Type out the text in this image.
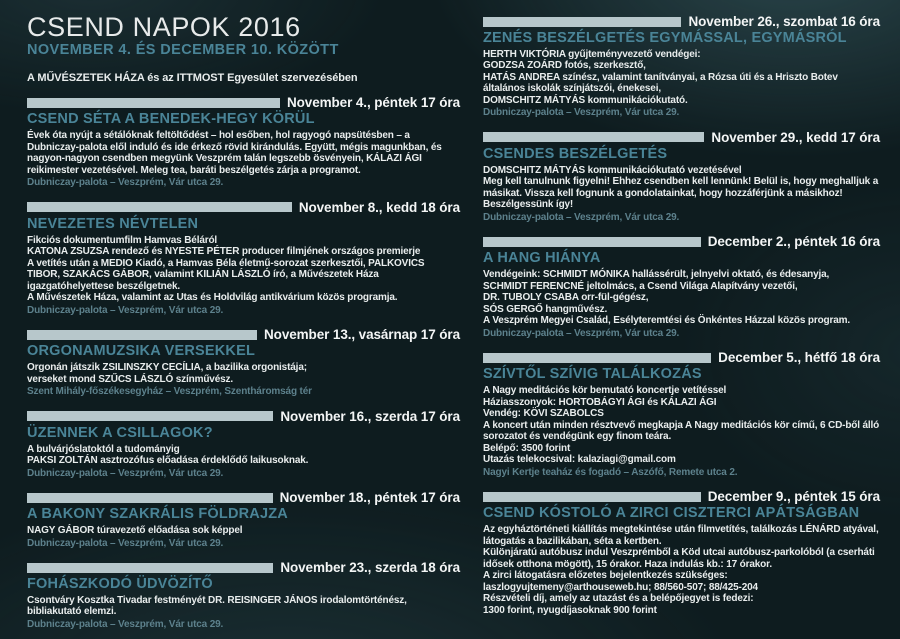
CSEND NAPOK 2016
NOVEMBER 4. ÉS DECEMBER 10. KÖZÖTT
A MŰVÉSZETEK HÁZA és az ITTMOST Egyesület szervezésében
November 4., péntek 17 óra
CSEND SÉTA A BENEDEK-HEGY KÖRÜL
Évek óta nyújt a sétálóknak feltöltődést – hol esőben, hol ragyogó napsütésben – a Dubniczay-palota elől induló és ide érkező rövid kirándulás. Együtt, mégis magunkban, és nagyon-nagyon csendben megyünk Veszprém talán legszebb ösvényein, KÁLAZI ÁGI reikimester vezetésével. Meleg tea, baráti beszélgetés zárja a programot.
Dubniczay-palota – Veszprém, Vár utca 29.
November 8., kedd 18 óra
NEVEZETES NÉVTELEN
Fikciós dokumentumfilm Hamvas Béláról
KATONA ZSUZSA rendező és NYESTE PÉTER producer filmjének országos premierje
A vetítés után a MEDIO Kiadó, a Hamvas Béla életmű-sorozat szerkesztői, PALKOVICS TIBOR, SZAKÁCS GÁBOR, valamint KILIÁN LÁSZLÓ író, a Művészetek Háza igazgatóhelyettese beszélgetnek.
A Művészetek Háza, valamint az Utas és Holdvilág antikvárium közös programja.
Dubniczay-palota – Veszprém, Vár utca 29.
November 13., vasárnap 17 óra
ORGONAMUZSIKA VERSEKKEL
Orgonán játszik ZSILINSZKY CECÍLIA, a bazilika orgonistája;
verseket mond SZŰCS LÁSZLÓ színművész.
Szent Mihály-főszékesegyház – Veszprém, Szentháromság tér
November 16., szerda 17 óra
ÜZENNEK A CSILLAGOK?
A bulvárjóslatoktól a tudományig
PAKSI ZOLTÁN asztrozófus előadása érdeklődő laikusoknak.
Dubniczay-palota – Veszprém, Vár utca 29.
November 18., péntek 17 óra
A BAKONY SZAKRÁLIS FÖLDRAJZA
NAGY GÁBOR túravezető előadása sok képpel
Dubniczay-palota – Veszprém, Vár utca 29.
November 23., szerda 18 óra
FOHÁSZKODÓ ÜDVÖZÍTŐ
Csontváry Kosztka Tivadar festményét DR. REISINGER JÁNOS irodalomtörténész, bibliakutató elemzi.
Dubniczay-palota – Veszprém, Vár utca 29.
November 26., szombat 16 óra
ZENÉS BESZÉLGETÉS EGYMÁSSAL, EGYMÁSRÓL
HERTH VIKTÓRIA gyűjteményvezető vendégei:
GODZSA ZOÁRD fotós, szerkesztő,
HATÁS ANDREA színész, valamint tanítványai, a Rózsa úti és a Hriszto Botev általános iskolák színjátszói, énekesei,
DOMSCHITZ MÁTYÁS kommunikációkutató.
Dubniczay-palota – Veszprém, Vár utca 29.
November 29., kedd 17 óra
CSENDES BESZÉLGETÉS
DOMSCHITZ MÁTYÁS kommunikációkutató vezetésével
Meg kell tanulnunk figyelni! Ehhez csendben kell lennünk! Belül is, hogy meghalljuk a másikat. Vissza kell fognunk a gondolatainkat, hogy hozzáférjünk a másikhoz! Beszélgessünk így!
Dubniczay-palota – Veszprém, Vár utca 29.
December 2., péntek 16 óra
A HANG HIÁNYA
Vendégeink: SCHMIDT MÓNIKA hallássérült, jelnyelvi oktató, és édesanyja,
SCHMIDT FERENCNÉ jeltolmács, a Csend Világa Alapítvány vezetői,
DR. TUBOLY CSABA orr-fül-gégész,
SÓS GERGŐ hangművész.
A Veszprém Megyei Család, Esélyteremtési és Önkéntes Házzal közös program.
Dubniczay-palota – Veszprém, Vár utca 29.
December 5., hétfő 18 óra
SZÍVTŐL SZÍVIG TALÁLKOZÁS
A Nagy meditációs kör bemutató koncertje vetítéssel
Háziasszonyok: HORTOBÁGYI ÁGI és KÁLAZI ÁGI
Vendég: KÖVI SZABOLCS
A koncert után minden résztvevő megkapja A Nagy meditációs kör című, 6 CD-ből álló sorozatot és vendégünk egy finom teára.
Belépő: 3500 forint
Utazás telekocsival: kalaziagi@gmail.com
Nagyi Kertje teaház és fogadó – Aszófő, Remete utca 2.
December 9., péntek 15 óra
CSEND KÓSTOLÓ A ZIRCI CISZTERCI APÁTSÁGBAN
Az egyháztörténeti kiállítás megtekintése után filmvetítés, találkozás LÉNÁRD atyával, látogatás a bazilikában, séta a kertben.
Különjáratú autóbusz indul Veszprémből a Köd utcai autóbusz-parkolóból (a cserháti idősek otthona mögött), 15 órakor. Haza indulás kb.: 17 órakor.
A zirci látogatásra előzetes bejelentkezés szükséges:
laszlogyujtemeny@arthouseweb.hu; 88/560-507; 88/425-204
Részvételi díj, amely az utazást és a belépőjegyet is fedezi:
1300 forint, nyugdíjasoknak 900 forint
